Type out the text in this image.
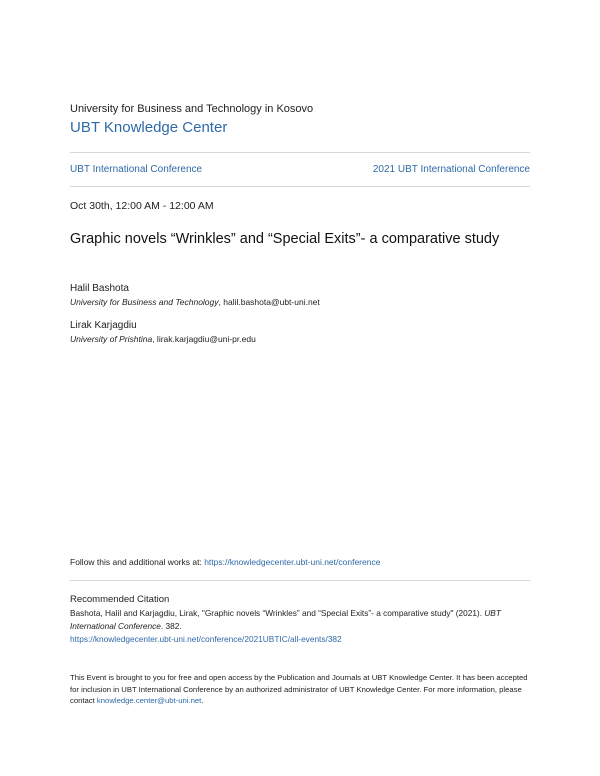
University for Business and Technology in Kosovo
UBT Knowledge Center
UBT International Conference	2021 UBT International Conference
Oct 30th, 12:00 AM - 12:00 AM
Graphic novels “Wrinkles” and “Special Exits”- a comparative study
Halil Bashota
University for Business and Technology, halil.bashota@ubt-uni.net
Lirak Karjagdiu
University of Prishtina, lirak.karjagdiu@uni-pr.edu
Follow this and additional works at: https://knowledgecenter.ubt-uni.net/conference
Recommended Citation
Bashota, Halil and Karjagdiu, Lirak, "Graphic novels “Wrinkles” and “Special Exits”- a comparative study" (2021). UBT International Conference. 382.
https://knowledgecenter.ubt-uni.net/conference/2021UBTIC/all-events/382
This Event is brought to you for free and open access by the Publication and Journals at UBT Knowledge Center. It has been accepted for inclusion in UBT International Conference by an authorized administrator of UBT Knowledge Center. For more information, please contact knowledge.center@ubt-uni.net.
